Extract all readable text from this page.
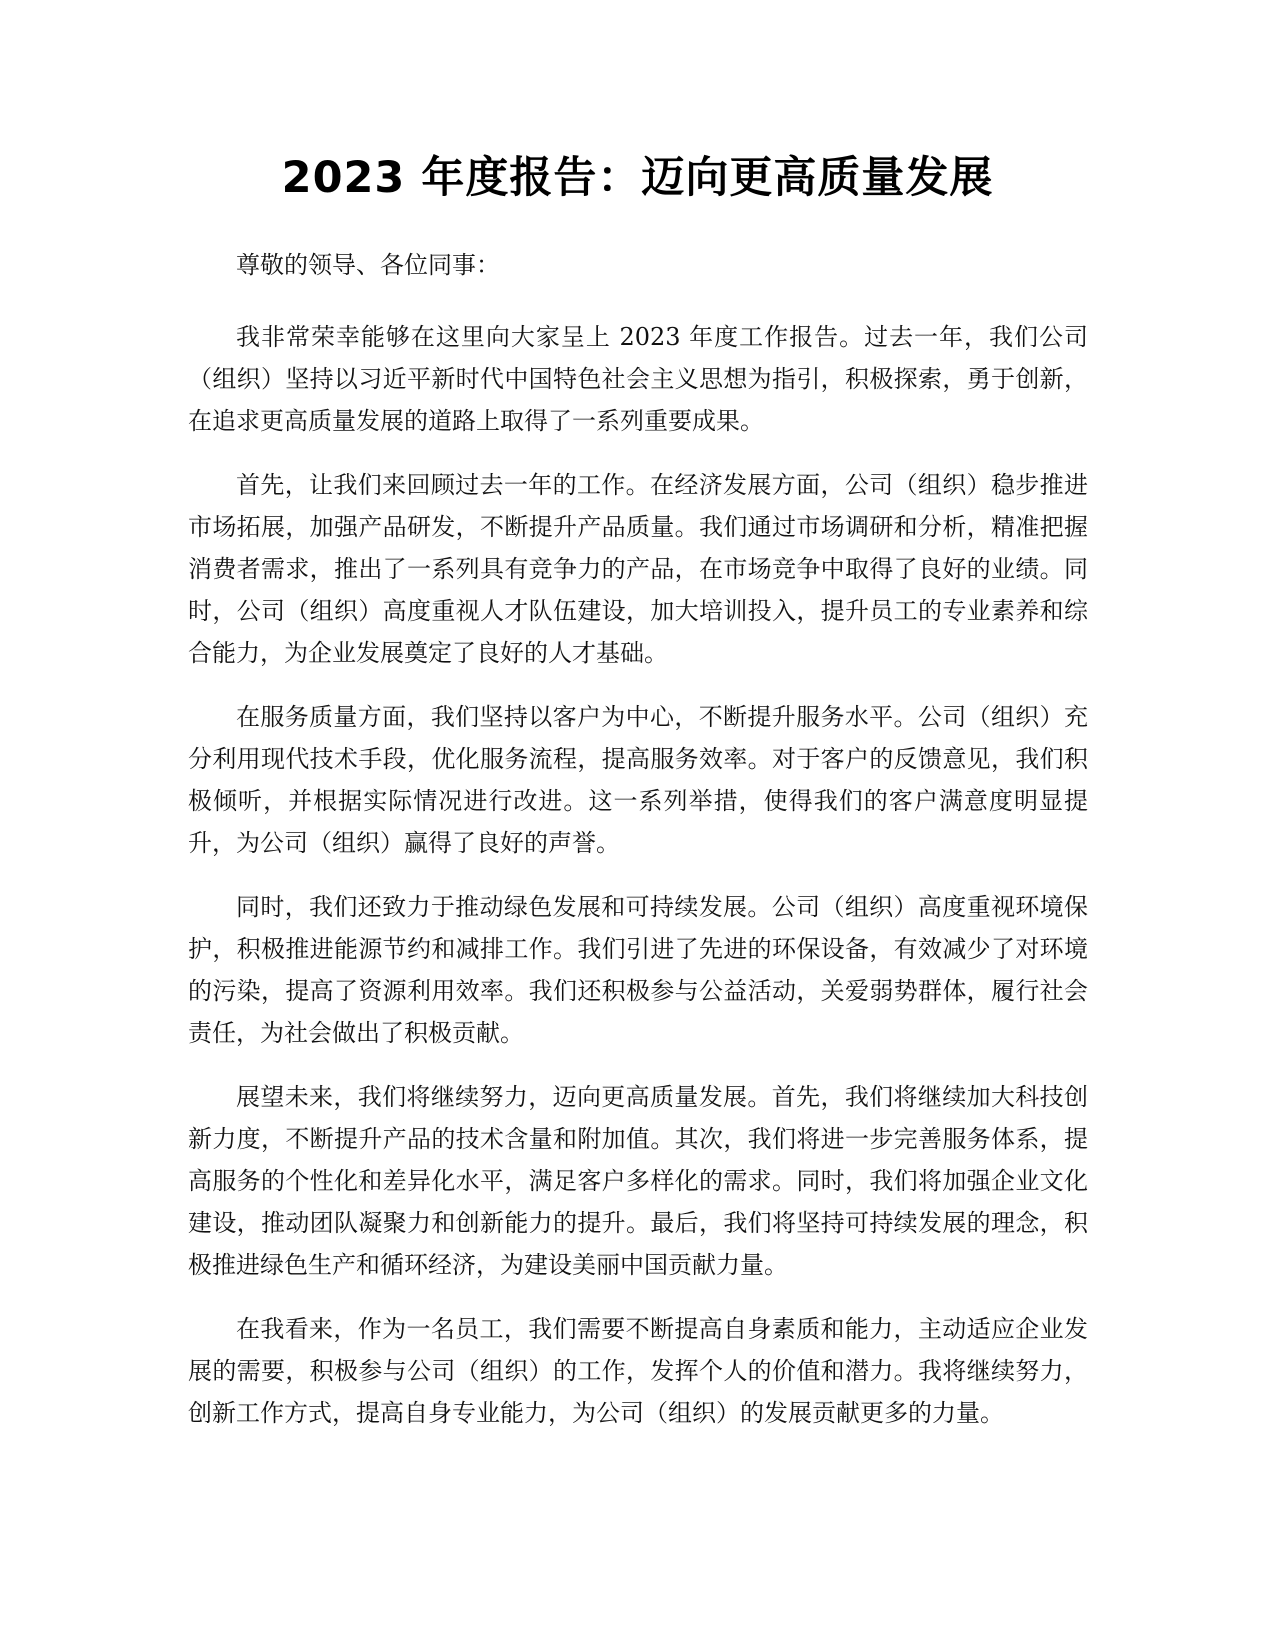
2023 年度报告：迈向更高质量发展

尊敬的领导、各位同事：

我非常荣幸能够在这里向大家呈上 2023 年度工作报告。过去一年，我们公司（组织）坚持以习近平新时代中国特色社会主义思想为指引，积极探索，勇于创新，在追求更高质量发展的道路上取得了一系列重要成果。

首先，让我们来回顾过去一年的工作。在经济发展方面，公司（组织）稳步推进市场拓展，加强产品研发，不断提升产品质量。我们通过市场调研和分析，精准把握消费者需求，推出了一系列具有竞争力的产品，在市场竞争中取得了良好的业绩。同时，公司（组织）高度重视人才队伍建设，加大培训投入，提升员工的专业素养和综合能力，为企业发展奠定了良好的人才基础。

在服务质量方面，我们坚持以客户为中心，不断提升服务水平。公司（组织）充分利用现代技术手段，优化服务流程，提高服务效率。对于客户的反馈意见，我们积极倾听，并根据实际情况进行改进。这一系列举措，使得我们的客户满意度明显提升，为公司（组织）赢得了良好的声誉。

同时，我们还致力于推动绿色发展和可持续发展。公司（组织）高度重视环境保护，积极推进能源节约和减排工作。我们引进了先进的环保设备，有效减少了对环境的污染，提高了资源利用效率。我们还积极参与公益活动，关爱弱势群体，履行社会责任，为社会做出了积极贡献。

展望未来，我们将继续努力，迈向更高质量发展。首先，我们将继续加大科技创新力度，不断提升产品的技术含量和附加值。其次，我们将进一步完善服务体系，提高服务的个性化和差异化水平，满足客户多样化的需求。同时，我们将加强企业文化建设，推动团队凝聚力和创新能力的提升。最后，我们将坚持可持续发展的理念，积极推进绿色生产和循环经济，为建设美丽中国贡献力量。

在我看来，作为一名员工，我们需要不断提高自身素质和能力，主动适应企业发展的需要，积极参与公司（组织）的工作，发挥个人的价值和潜力。我将继续努力，创新工作方式，提高自身专业能力，为公司（组织）的发展贡献更多的力量。
